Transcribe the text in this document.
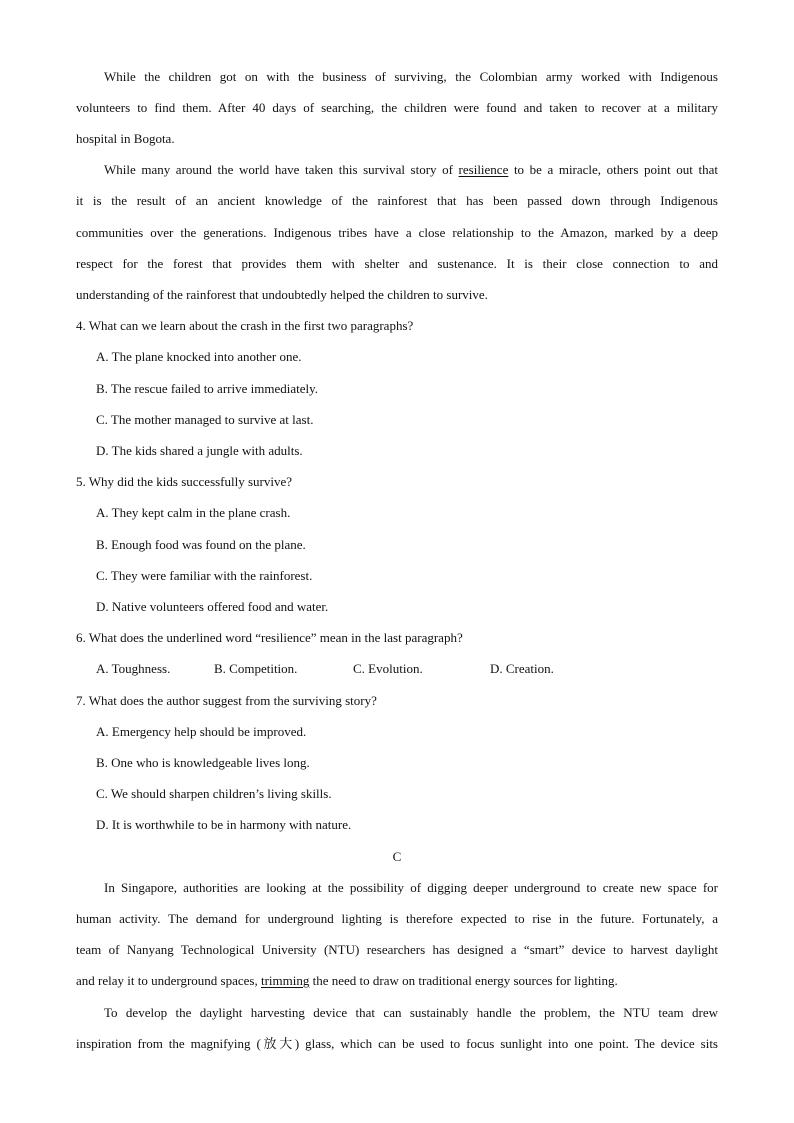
While the children got on with the business of surviving, the Colombian army worked with Indigenous
volunteers to find them. After 40 days of searching, the children were found and taken to recover at a military
hospital in Bogota.
While many around the world have taken this survival story of resilience to be a miracle, others point out that
it is the result of an ancient knowledge of the rainforest that has been passed down through Indigenous
communities over the generations. Indigenous tribes have a close relationship to the Amazon, marked by a deep
respect for the forest that provides them with shelter and sustenance. It is their close connection to and
understanding of the rainforest that undoubtedly helped the children to survive.
4. What can we learn about the crash in the first two paragraphs?
A. The plane knocked into another one.
B. The rescue failed to arrive immediately.
C. The mother managed to survive at last.
D. The kids shared a jungle with adults.
5. Why did the kids successfully survive?
A. They kept calm in the plane crash.
B. Enough food was found on the plane.
C. They were familiar with the rainforest.
D. Native volunteers offered food and water.
6. What does the underlined word “resilience” mean in the last paragraph?
A. Toughness.	B. Competition.	C. Evolution.	D. Creation.
7. What does the author suggest from the surviving story?
A. Emergency help should be improved.
B. One who is knowledgeable lives long.
C. We should sharpen children’s living skills.
D. It is worthwhile to be in harmony with nature.
C
In Singapore, authorities are looking at the possibility of digging deeper underground to create new space for
human activity. The demand for underground lighting is therefore expected to rise in the future. Fortunately, a
team of Nanyang Technological University (NTU) researchers has designed a “smart” device to harvest daylight
and relay it to underground spaces, trimming the need to draw on traditional energy sources for lighting.
To develop the daylight harvesting device that can sustainably handle the problem, the NTU team drew
inspiration from the magnifying (放大) glass, which can be used to focus sunlight into one point. The device sits
